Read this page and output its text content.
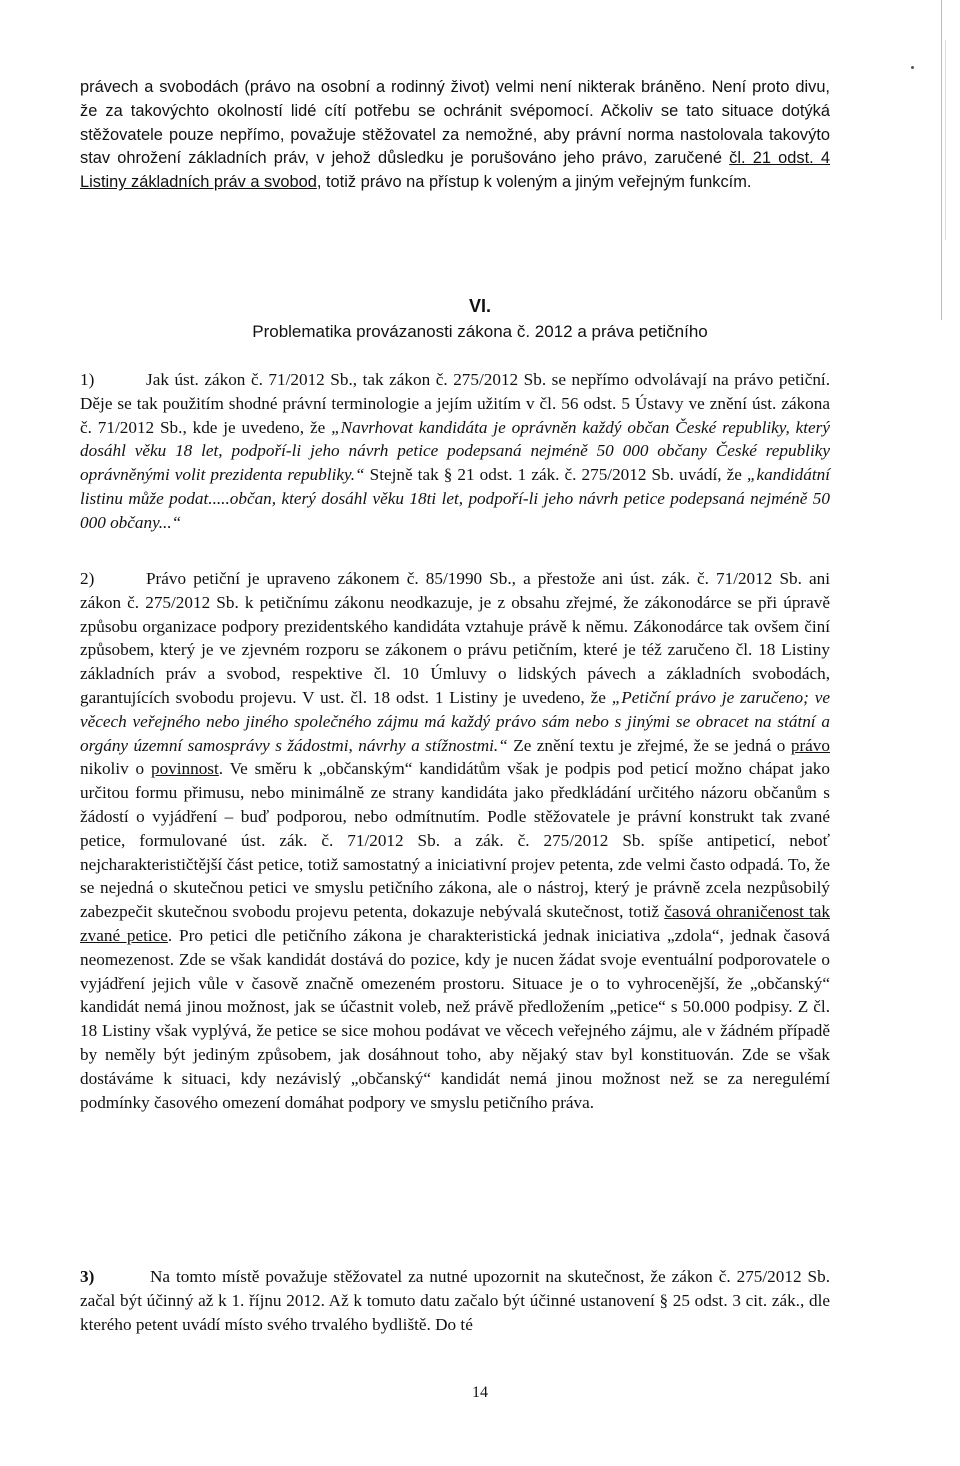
právech a svobodách (právo na osobní a rodinný život) velmi není nikterak bráněno. Není proto divu, že za takovýchto okolností lidé cítí potřebu se ochránit svépomocí. Ačkoliv se tato situace dotýká stěžovatele pouze nepřímo, považuje stěžovatel za nemožné, aby právní norma nastolovala takovýto stav ohrožení základních práv, v jehož důsledku je porušováno jeho právo, zaručené čl. 21 odst. 4 Listiny základních práv a svobod, totiž právo na přístup k voleným a jiným veřejným funkcím.

VI.
Problematika provázanosti zákona č. 2012 a práva petičního

1)	Jak úst. zákon č. 71/2012 Sb., tak zákon č. 275/2012 Sb. se nepřímo odvolávají na právo petiční. Děje se tak použitím shodné právní terminologie a jejím užitím v čl. 56 odst. 5 Ústavy ve znění úst. zákona č. 71/2012 Sb., kde je uvedeno, že „Navrhovat kandidáta je oprávněn každý občan České republiky, který dosáhl věku 18 let, podpoří-li jeho návrh petice podepsaná nejméně 50 000 občany České republiky oprávněnými volit prezidenta republiky.“ Stejně tak § 21 odst. 1 zák. č. 275/2012 Sb. uvádí, že „kandidátní listinu může podat.....občan, který dosáhl věku 18ti let, podpoří-li jeho návrh petice podepsaná nejméně 50 000 občany...“

2)	Právo petiční je upraveno zákonem č. 85/1990 Sb., a přestože ani úst. zák. č. 71/2012 Sb. ani zákon č. 275/2012 Sb. k petičnímu zákonu neodkazuje, je z obsahu zřejmé, že zákonodárce se při úpravě způsobu organizace podpory prezidentského kandidáta vztahuje právě k němu. Zákonodárce tak ovšem činí způsobem, který je ve zjevném rozporu se zákonem o právu petičním, které je též zaručeno čl. 18 Listiny základních práv a svobod, respektive čl. 10 Úmluvy o lidských pávech a základních svobodách, garantujících svobodu projevu. V ust. čl. 18 odst. 1 Listiny je uvedeno, že „Petiční právo je zaručeno; ve věcech veřejného nebo jiného společného zájmu má každý právo sám nebo s jinými se obracet na státní a orgány územní samosprávy s žádostmi, návrhy a stížnostmi.“ Ze znění textu je zřejmé, že se jedná o právo nikoliv o povinnost. Ve směru k „občanským“ kandidátům však je podpis pod peticí možno chápat jako určitou formu přimusu, nebo minimálně ze strany kandidáta jako předkládání určitého názoru občanům s žádostí o vyjádření – buď podporou, nebo odmítnutím. Podle stěžovatele je právní konstrukt tak zvané petice, formulované úst. zák. č. 71/2012 Sb. a zák. č. 275/2012 Sb. spíše antipeticí, neboť nejcharakterističtější část petice, totiž samostatný a iniciativní projev petenta, zde velmi často odpadá. To, že se nejedná o skutečnou petici ve smyslu petičního zákona, ale o nástroj, který je právně zcela nezpůsobilý zabezpečit skutečnou svobodu projevu petenta, dokazuje nebývalá skutečnost, totiž časová ohraničenost tak zvané petice. Pro petici dle petičního zákona je charakteristická jednak iniciativa „zdola“, jednak časová neomezenost. Zde se však kandidát dostává do pozice, kdy je nucen žádat svoje eventuální podporovatele o vyjádření jejich vůle v časově značně omezeném prostoru. Situace je o to vyhrocenější, že „občanský“ kandidát nemá jinou možnost, jak se účastnit voleb, než právě předložením „petice“ s 50.000 podpisy. Z čl. 18 Listiny však vyplývá, že petice se sice mohou podávat ve věcech veřejného zájmu, ale v žádném případě by neměly být jediným způsobem, jak dosáhnout toho, aby nějaký stav byl konstituován. Zde se však dostáváme k situaci, kdy nezávislý „občanský“ kandidát nemá jinou možnost než se za neregulémí podmínky časového omezení domáhat podpory ve smyslu petičního práva.

3)	Na tomto místě považuje stěžovatel za nutné upozornit na skutečnost, že zákon č. 275/2012 Sb. začal být účinný až k 1. říjnu 2012. Až k tomuto datu začalo být účinné ustanovení § 25 odst. 3 cit. zák., dle kterého petent uvádí místo svého trvalého bydliště. Do té

14
